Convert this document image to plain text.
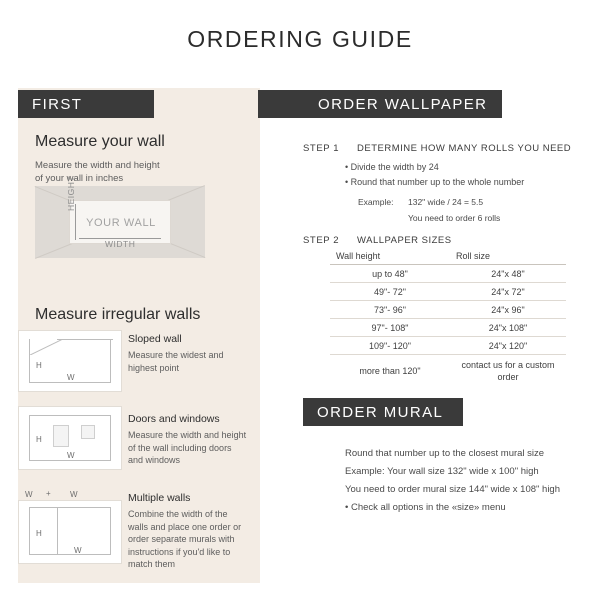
ORDERING GUIDE
FIRST
Measure your wall
Measure the width and height
of your wall in inches
YOUR WALL
HEIGHT
WIDTH
Measure irregular walls
H
W
Sloped wall
Measure the widest and highest point
H
W
Doors and windows
Measure the width and height of the wall including doors and windows
W	W
+
H
W
Multiple walls
Combine the width of the walls and place one order or order separate murals with instructions if you'd like to match them
ORDER WALLPAPER
STEP 1 DETERMINE HOW MANY ROLLS YOU NEED
• Divide the width by 24
• Round that number up to the whole number
Example: 132" wide / 24 = 5.5
You need to order 6 rolls
STEP 2 WALLPAPER SIZES
Wall height	Roll size
up to 48"	24"x 48"
49"- 72"	24"x 72"
73"- 96"	24"x 96"
97"- 108"	24"x 108"
109"- 120"	24"x 120"
more than 120"	contact us for a custom order
ORDER MURAL
Round that number up to the closest mural size
Example: Your wall size 132" wide x 100" high
You need to order mural size 144" wide x 108" high
• Check all options in the «size» menu
